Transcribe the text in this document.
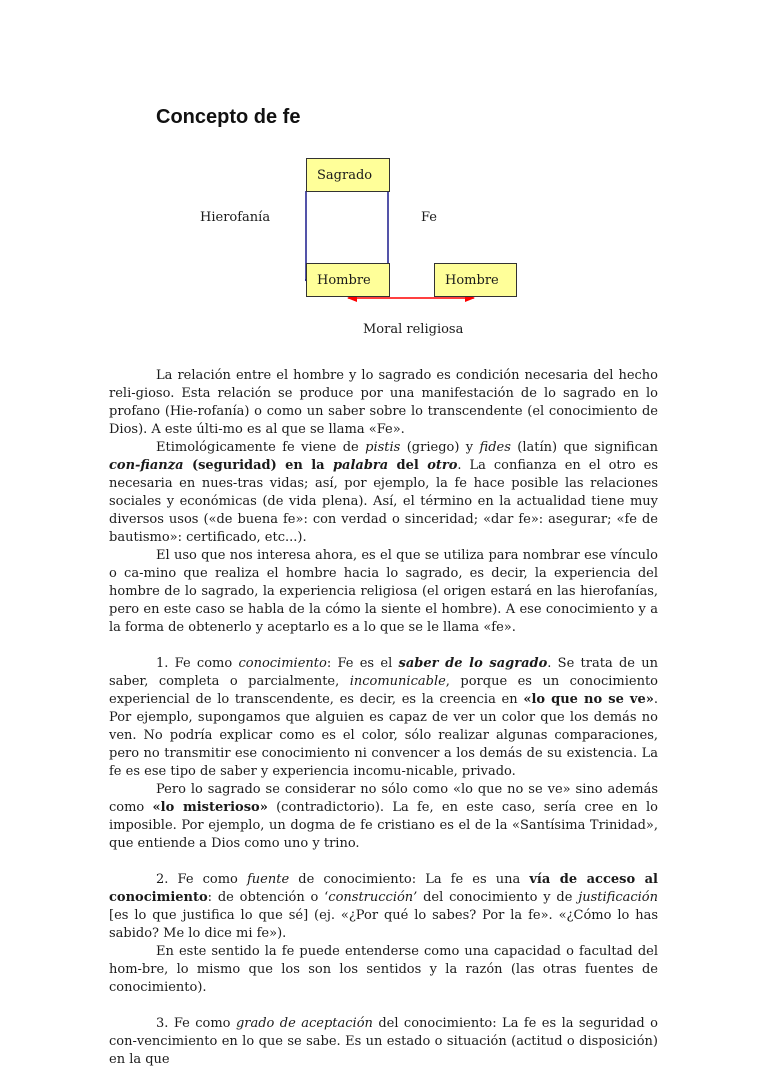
Concepto de fe
Sagrado
Hombre	Hombre
Hierofanía	Fe
Moral religiosa

La relación entre el hombre y lo sagrado es condición necesaria del hecho reli-gioso. Esta relación se produce por una manifestación de lo sagrado en lo profano (Hie-rofanía) o como un saber sobre lo transcendente (el conocimiento de Dios). A este últi-mo es al que se llama «Fe».

Etimológicamente fe viene de pistis (griego) y fides (latín) que significan con-fianza (seguridad) en la palabra del otro. La confianza en el otro es necesaria en nues-tras vidas; así, por ejemplo, la fe hace posible las relaciones sociales y económicas (de vida plena). Así, el término en la actualidad tiene muy diversos usos («de buena fe»: con verdad o sinceridad; «dar fe»: asegurar; «fe de bautismo»: certificado, etc...).

El uso que nos interesa ahora, es el que se utiliza para nombrar ese vínculo o ca-mino que realiza el hombre hacia lo sagrado, es decir, la experiencia del hombre de lo sagrado, la experiencia religiosa (el origen estará en las hierofanías, pero en este caso se habla de la cómo la siente el hombre). A ese conocimiento y a la forma de obtenerlo y aceptarlo es a lo que se le llama «fe».

1. Fe como conocimiento: Fe es el saber de lo sagrado. Se trata de un saber, completa o parcialmente, incomunicable, porque es un conocimiento experiencial de lo transcendente, es decir, es la creencia en «lo que no se ve». Por ejemplo, supongamos que alguien es capaz de ver un color que los demás no ven. No podría explicar como es el color, sólo realizar algunas comparaciones, pero no transmitir ese conocimiento ni convencer a los demás de su existencia. La fe es ese tipo de saber y experiencia incomu-nicable, privado.

Pero lo sagrado se considerar no sólo como «lo que no se ve» sino además como «lo misterioso» (contradictorio). La fe, en este caso, sería cree en lo imposible. Por ejemplo, un dogma de fe cristiano es el de la «Santísima Trinidad», que entiende a Dios como uno y trino.

2. Fe como fuente de conocimiento: La fe es una vía de acceso al conocimiento: de obtención o ‘construcción’ del conocimiento y de justificación [es lo que justifica lo que sé] (ej. «¿Por qué lo sabes? Por la fe». «¿Cómo lo has sabido? Me lo dice mi fe»).

En este sentido la fe puede entenderse como una capacidad o facultad del hom-bre, lo mismo que los son los sentidos y la razón (las otras fuentes de conocimiento).

3. Fe como grado de aceptación del conocimiento: La fe es la seguridad o con-vencimiento en lo que se sabe. Es un estado o situación (actitud o disposición) en la que
